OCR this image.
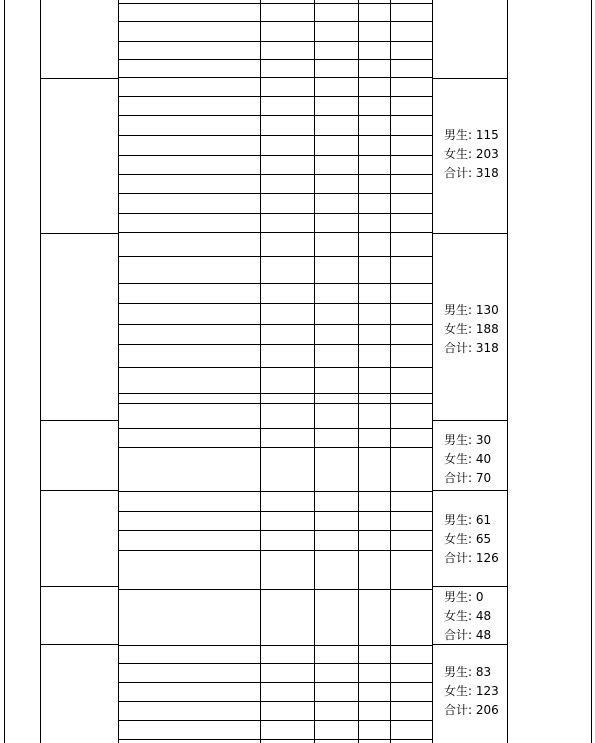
男生: 115
女生: 203
合计: 318
男生: 130
女生: 188
合计: 318
男生: 30
女生: 40
合计: 70
男生: 61
女生: 65
合计: 126
男生: 0
女生: 48
合计: 48
男生: 83
女生: 123
合计: 206
